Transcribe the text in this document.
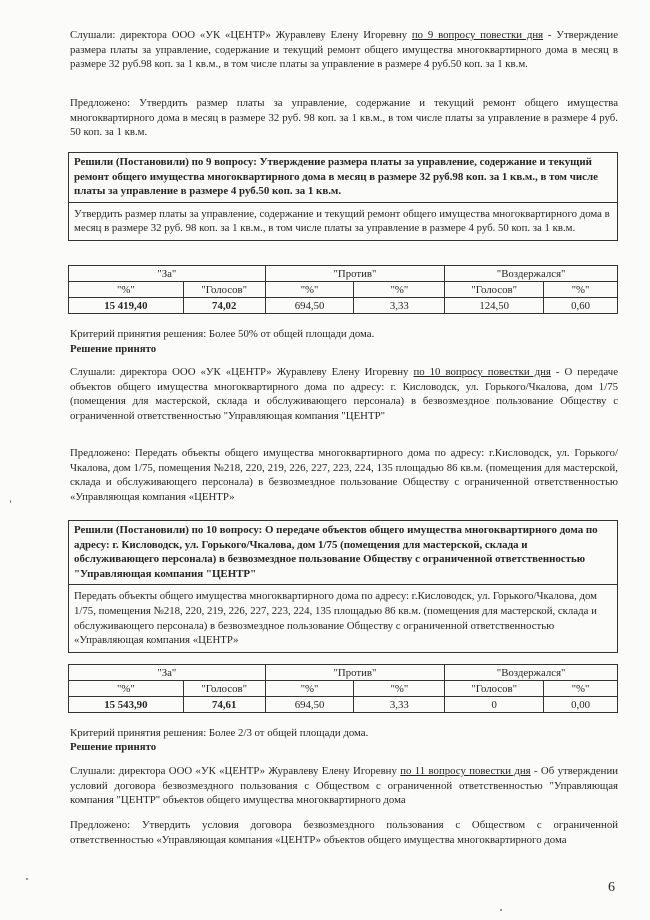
Слушали: директора ООО «УК «ЦЕНТР» Журавлеву Елену Игоревну по 9 вопросу повестки дня - Утверждение размера платы за управление, содержание и текущий ремонт общего имущества многоквартирного дома в месяц в размере 32 руб.98 коп. за 1 кв.м., в том числе платы за управление в размере 4 руб.50 коп. за 1 кв.м.

Предложено: Утвердить размер платы за управление, содержание и текущий ремонт общего имущества многоквартирного дома в месяц в размере 32 руб. 98 коп. за 1 кв.м., в том числе платы за управление в размере 4 руб. 50 коп. за 1 кв.м.

Решили (Постановили) по 9 вопросу: Утверждение размера платы за управление, содержание и текущий ремонт общего имущества многоквартирного дома в месяц в размере 32 руб.98 коп. за 1 кв.м., в том числе платы за управление в размере 4 руб.50 коп. за 1 кв.м.
Утвердить размер платы за управление, содержание и текущий ремонт общего имущества многоквартирного дома в месяц в размере 32 руб. 98 коп. за 1 кв.м., в том числе платы за управление в размере 4 руб. 50 коп. за 1 кв.м.
"За"		"Против"		"Воздержался"	
"%"	"Голосов"	"%"	"%"	"Голосов"	"%"
15 419,40	74,02	694,50	3,33	124,50	0,60
Критерий принятия решения: Более 50% от общей площади дома.
Решение принято

Слушали: директора ООО «УК «ЦЕНТР» Журавлеву Елену Игоревну по 10 вопросу повестки дня - О передаче объектов общего имущества многоквартирного дома по адресу: г. Кисловодск, ул. Горького/Чкалова, дом 1/75 (помещения для мастерской, склада и обслуживающего персонала) в безвозмездное пользование Обществу с ограниченной ответственностью "Управляющая компания "ЦЕНТР"

Предложено: Передать объекты общего имущества многоквартирного дома по адресу: г.Кисловодск, ул. Горького/Чкалова, дом 1/75, помещения №218, 220, 219, 226, 227, 223, 224, 135 площадью 86 кв.м. (помещения для мастерской, склада и обслуживающего персонала) в безвозмездное пользование Обществу с ограниченной ответственностью «Управляющая компания «ЦЕНТР»

Решили (Постановили) по 10 вопросу: О передаче объектов общего имущества многоквартирного дома по адресу: г. Кисловодск, ул. Горького/Чкалова, дом 1/75 (помещения для мастерской, склада и обслуживающего персонала) в безвозмездное пользование Обществу с ограниченной ответственностью "Управляющая компания "ЦЕНТР"
Передать объекты общего имущества многоквартирного дома по адресу: г.Кисловодск, ул. Горького/Чкалова, дом 1/75, помещения №218, 220, 219, 226, 227, 223, 224, 135 площадью 86 кв.м. (помещения для мастерской, склада и обслуживающего персонала) в безвозмездное пользование Обществу с ограниченной ответственностью «Управляющая компания «ЦЕНТР»
"За"		"Против"		"Воздержался"	
"%"	"Голосов"	"%"	"%"	"Голосов"	"%"
15 543,90	74,61	694,50	3,33	0	0,00
Критерий принятия решения: Более 2/3 от общей площади дома.
Решение принято

Слушали: директора ООО «УК «ЦЕНТР» Журавлеву Елену Игоревну по 11 вопросу повестки дня - Об утверждении условий договора безвозмездного пользования с Обществом с ограниченной ответственностью "Управляющая компания "ЦЕНТР" объектов общего имущества многоквартирного дома

Предложено: Утвердить условия договора безвозмездного пользования с Обществом с ограниченной ответственностью «Управляющая компания «ЦЕНТР» объектов общего имущества многоквартирного дома

6
